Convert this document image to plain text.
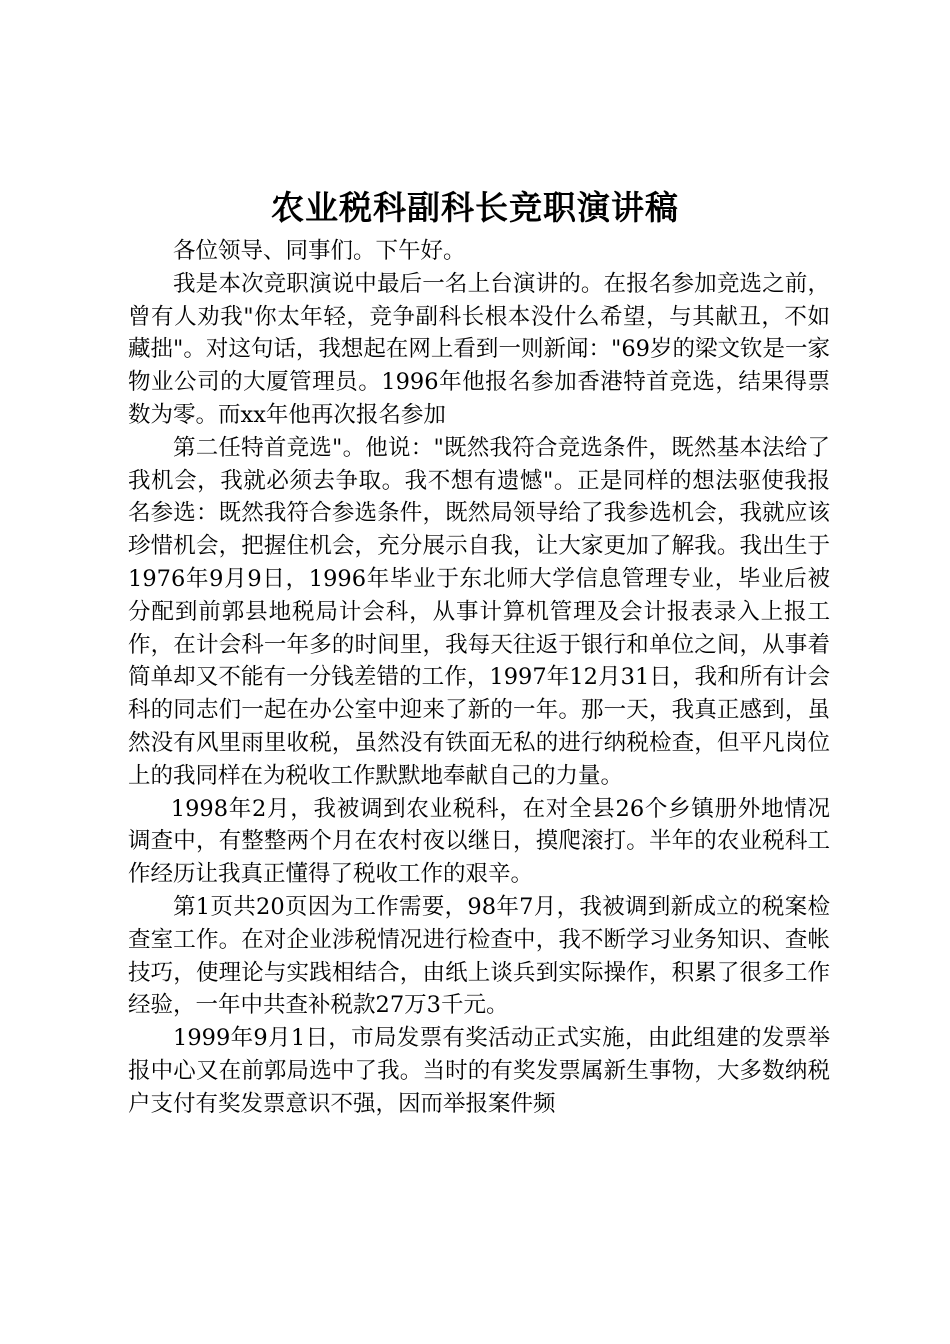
农业税科副科长竞职演讲稿

各位领导、同事们。下午好。

我是本次竞职演说中最后一名上台演讲的。在报名参加竞选之前，曾有人劝我"你太年轻，竞争副科长根本没什么希望，与其献丑，不如藏拙"。对这句话，我想起在网上看到一则新闻："69岁的梁文钦是一家物业公司的大厦管理员。1996年他报名参加香港特首竞选，结果得票数为零。而xx年他再次报名参加

第二任特首竞选"。他说："既然我符合竞选条件，既然基本法给了我机会，我就必须去争取。我不想有遗憾"。正是同样的想法驱使我报名参选：既然我符合参选条件，既然局领导给了我参选机会，我就应该珍惜机会，把握住机会，充分展示自我，让大家更加了解我。我出生于1976年9月9日，1996年毕业于东北师大学信息管理专业，毕业后被分配到前郭县地税局计会科，从事计算机管理及会计报表录入上报工作，在计会科一年多的时间里，我每天往返于银行和单位之间，从事着简单却又不能有一分钱差错的工作，1997年12月31日，我和所有计会科的同志们一起在办公室中迎来了新的一年。那一天，我真正感到，虽然没有风里雨里收税，虽然没有铁面无私的进行纳税检查，但平凡岗位上的我同样在为税收工作默默地奉献自己的力量。

1998年2月，我被调到农业税科，在对全县26个乡镇册外地情况调查中，有整整两个月在农村夜以继日，摸爬滚打。半年的农业税科工作经历让我真正懂得了税收工作的艰辛。

第1页共20页因为工作需要，98年7月，我被调到新成立的税案检查室工作。在对企业涉税情况进行检查中，我不断学习业务知识、查帐技巧，使理论与实践相结合，由纸上谈兵到实际操作，积累了很多工作经验，一年中共查补税款27万3千元。

1999年9月1日，市局发票有奖活动正式实施，由此组建的发票举报中心又在前郭局选中了我。当时的有奖发票属新生事物，大多数纳税户支付有奖发票意识不强，因而举报案件频
